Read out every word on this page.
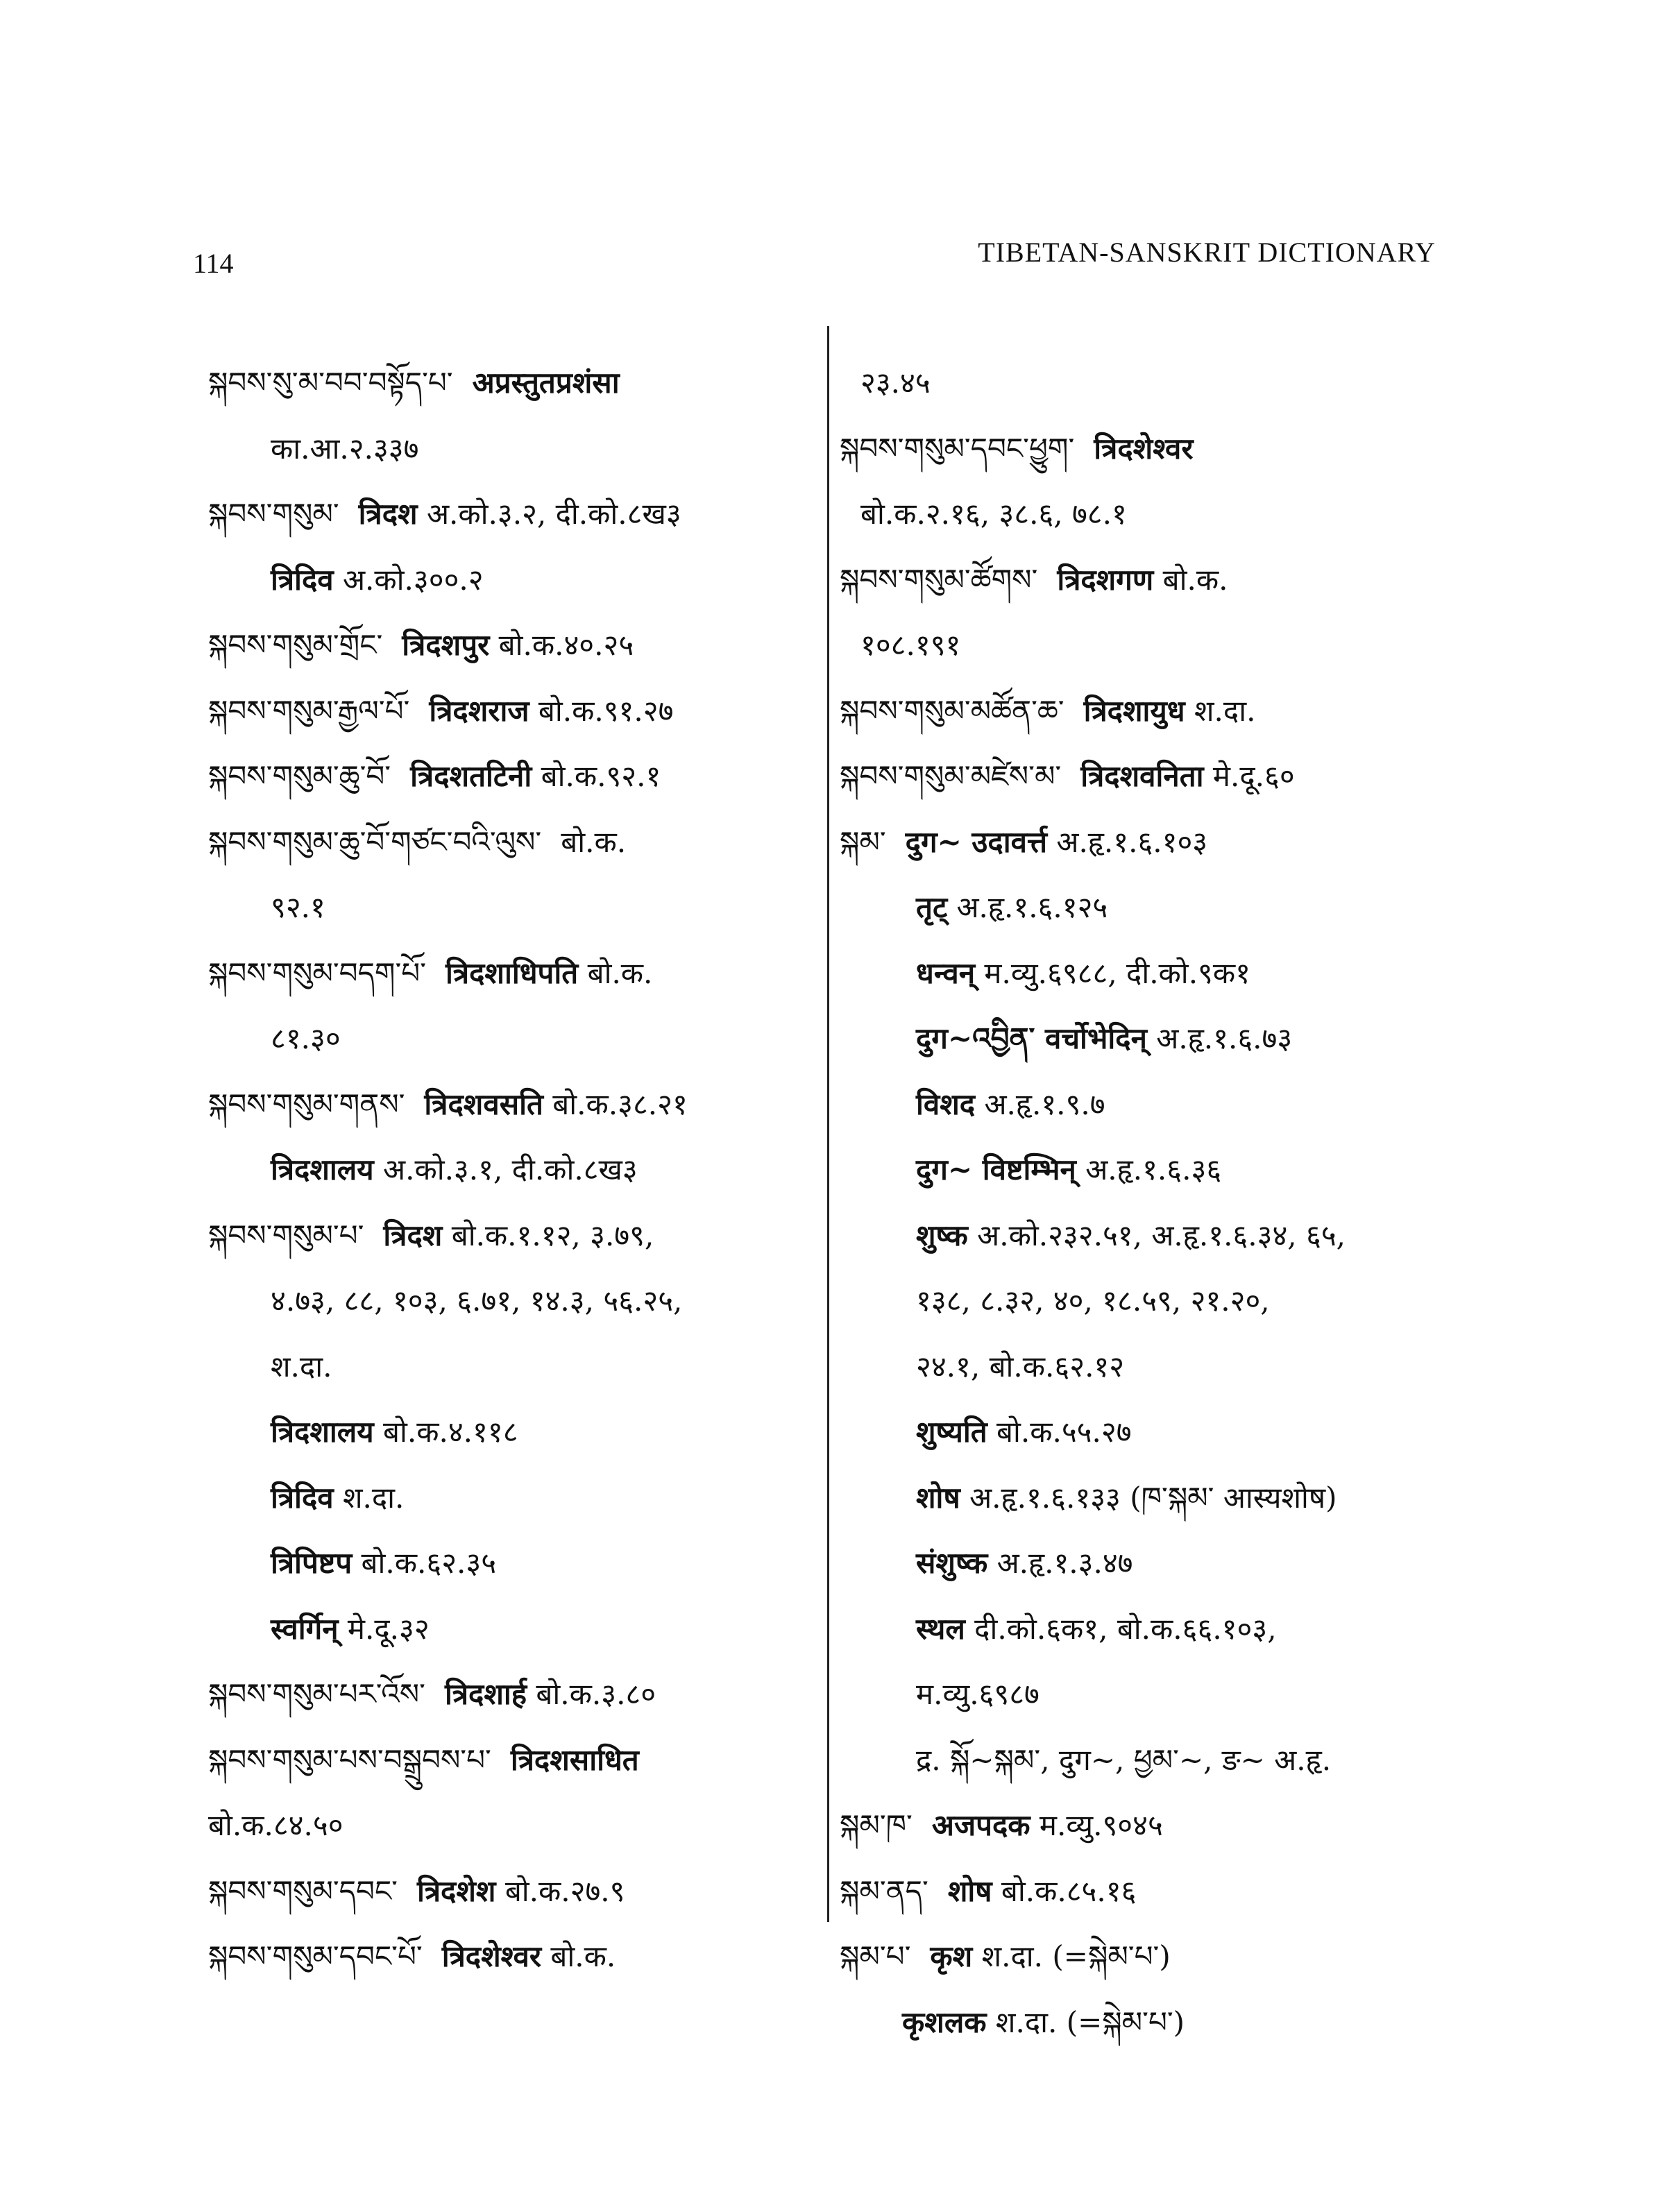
114	TIBETAN-SANSKRIT DICTIONARY
སྐབས་སུ་མ་བབ་བསྟོད་པ་ अप्रस्तुतप्रशंसा
का.आ.२.३३७
སྐབས་གསུམ་ त्रिदश अ.को.३.२, दी.को.८ख३
त्रिदिव अ.को.३००.२
སྐབས་གསུམ་གྲོང་ त्रिदशपुर बो.क.४०.२५
སྐབས་གསུམ་རྒྱལ་པོ་ त्रिदशराज बो.क.९१.२७
སྐབས་གསུམ་ཆུ་བོ་ त्रिदशतटिनी बो.क.९२.१
སྐབས་གསུམ་ཆུ་བོ་གཙང་བའི་ལུས་ बो.क.
९२.१
སྐབས་གསུམ་བདག་པོ་ त्रिदशाधिपति बो.क.
८१.३०
སྐབས་གསུམ་གནས་ त्रिदशवसति बो.क.३८.२१
त्रिदशालय अ.को.३.१, दी.को.८ख३
སྐབས་གསུམ་པ་ त्रिदश बो.क.१.१२, ३.७९,
४.७३, ८८, १०३, ६.७१, १४.३, ५६.२५,
श.दा.
त्रिदशालय बो.क.४.११८
त्रिदिव श.दा.
त्रिपिष्टप बो.क.६२.३५
स्वर्गिन् मे.दू.३२
སྐབས་གསུམ་པར་འོས་ त्रिदशार्ह बो.क.३.८०
སྐབས་གསུམ་པས་བསྒྲུབས་པ་ त्रिदशसाधित
बो.क.८४.५०
སྐབས་གསུམ་དབང་ त्रिदशेश बो.क.२७.९
སྐབས་གསུམ་དབང་པོ་ त्रिदशेश्वर बो.क.
२३.४५
སྐབས་གསུམ་དབང་ཕྱུག་ त्रिदशेश्वर
बो.क.२.१६, ३८.६, ७८.१
སྐབས་གསུམ་ཚོགས་ त्रिदशगण बो.क.
१०८.१९१
སྐབས་གསུམ་མཚོན་ཆ་ त्रिदशायुध श.दा.
སྐབས་གསུམ་མཛེས་མ་ त्रिदशवनिता मे.दू.६०
སྐམ་ दुग~ उदावर्त्त अ.हृ.१.६.१०३
तृट् अ.हृ.१.६.१२५
धन्वन् म.व्यु.६९८८, दी.को.९क१
दुग~འབྱིན་ वर्चोभेदिन् अ.हृ.१.६.७३
विशद अ.हृ.१.९.७
दुग~ विष्टम्भिन् अ.हृ.१.६.३६
शुष्क अ.को.२३२.५१, अ.हृ.१.६.३४, ६५,
१३८, ८.३२, ४०, १८.५९, २१.२०,
२४.१, बो.क.६२.१२
शुष्यति बो.क.५५.२७
शोष अ.हृ.१.६.१३३ (ཁ་སྐམ་ आस्यशोष)
संशुष्क अ.हृ.१.३.४७
स्थल दी.को.६क१, बो.क.६६.१०३,
म.व्यु.६९८७
द्र. སྐོ~སྐམ་, दुग~, ཕྱམ་~, ङ~ अ.हृ.
སྐམ་ཁ་ अजपदक म.व्यु.९०४५
སྐམ་ནད་ शोष बो.क.८५.१६
སྐམ་པ་ कृश श.दा. (=སྐེམ་པ་)
कृशलक श.दा. (=སྐེམ་པ་)
